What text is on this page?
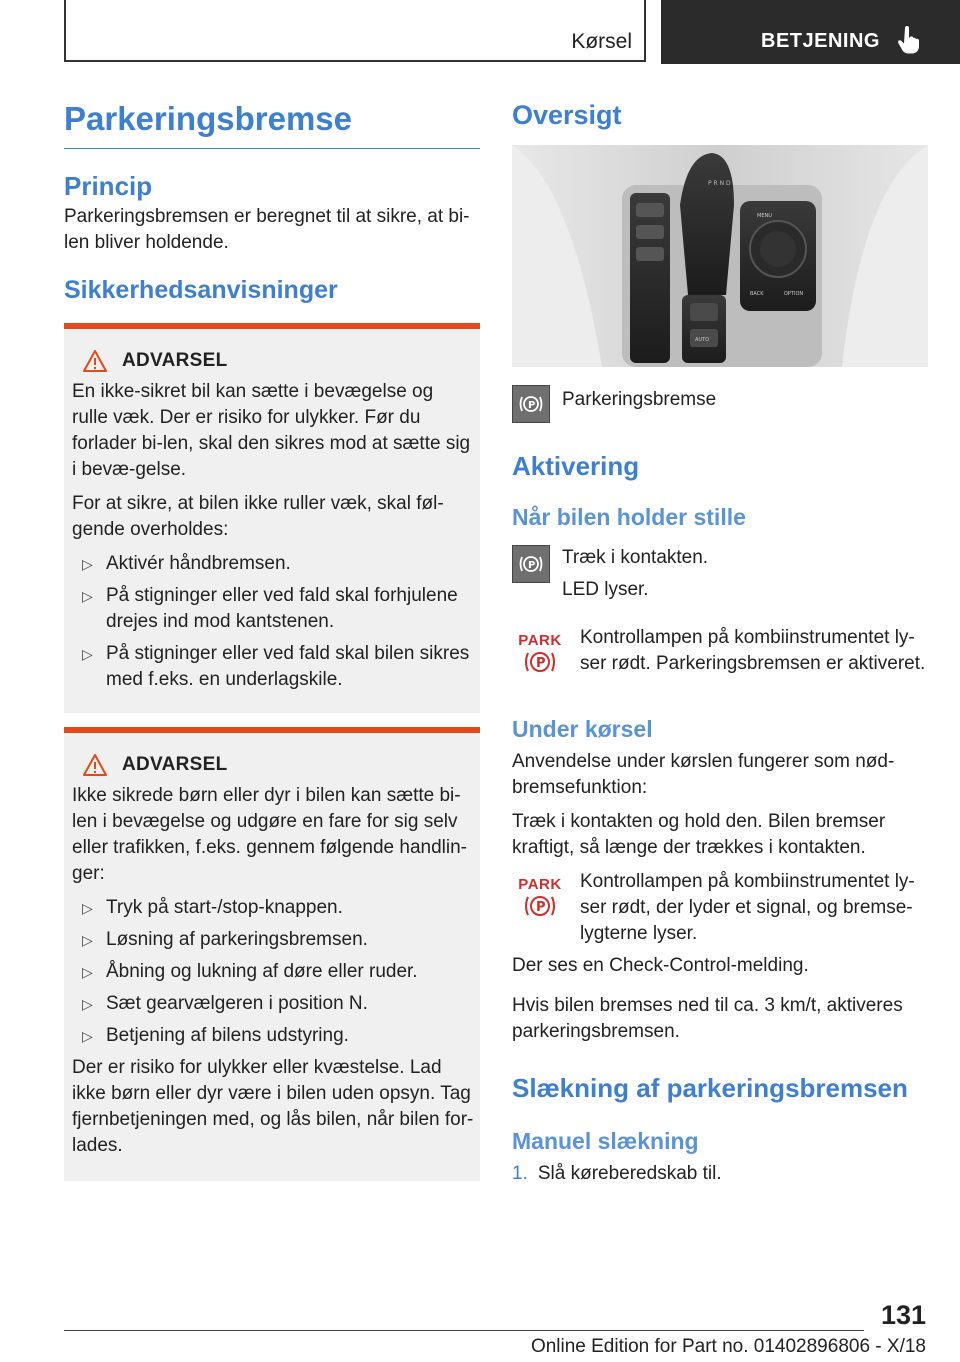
Kørsel	BETJENING
Parkeringsbremse
Princip

Parkeringsbremsen er beregnet til at sikre, at bi‐len bliver holdende.

Sikkerhedsanvisninger
ADVARSEL

En ikke-sikret bil kan sætte i bevægelse og rulle væk. Der er risiko for ulykker. Før du forlader bi‐len, skal den sikres mod at sætte sig i bevæ‐gelse.

For at sikre, at bilen ikke ruller væk, skal føl‐gende overholdes:

▷ Aktivér håndbremsen.
▷ På stigninger eller ved fald skal forhjulene drejes ind mod kantstenen.
▷ På stigninger eller ved fald skal bilen sikres med f.eks. en underlagskile.
ADVARSEL

Ikke sikrede børn eller dyr i bilen kan sætte bi‐len i bevægelse og udgøre en fare for sig selv eller trafikken, f.eks. gennem følgende handlin‐ger:

▷ Tryk på start-/stop-knappen.
▷ Løsning af parkeringsbremsen.
▷ Åbning og lukning af døre eller ruder.
▷ Sæt gearvælgeren i position N.
▷ Betjening af bilens udstyring.

Der er risiko for ulykker eller kvæstelse. Lad ikke børn eller dyr være i bilen uden opsyn. Tag fjernbetjeningen med, og lås bilen, når bilen for‐lades.

Oversigt
P R N D
AUTO
MENU
BACK	OPTION
P Parkeringsbremse

Aktivering
Når bilen holder stille
P Træk i kontakten.

LED lyser.

PARK
P

Kontrollampen på kombiinstrumentet ly‐ser rødt. Parkeringsbremsen er aktiveret.

Under kørsel

Anvendelse under kørslen fungerer som nød‐bremsefunktion:

Træk i kontakten og hold den. Bilen bremser kraftigt, så længe der trækkes i kontakten.

PARK
P

Kontrollampen på kombiinstrumentet ly‐ser rødt, der lyder et signal, og bremse‐lygterne lyser.

Der ses en Check-Control-melding.

Hvis bilen bremses ned til ca. 3 km/t, aktiveres parkeringsbremsen.

Slækning af parkeringsbremsen
Manuel slækning
1. Slå køreberedskab til.
131
Online Edition for Part no. 01402896806 - X/18
